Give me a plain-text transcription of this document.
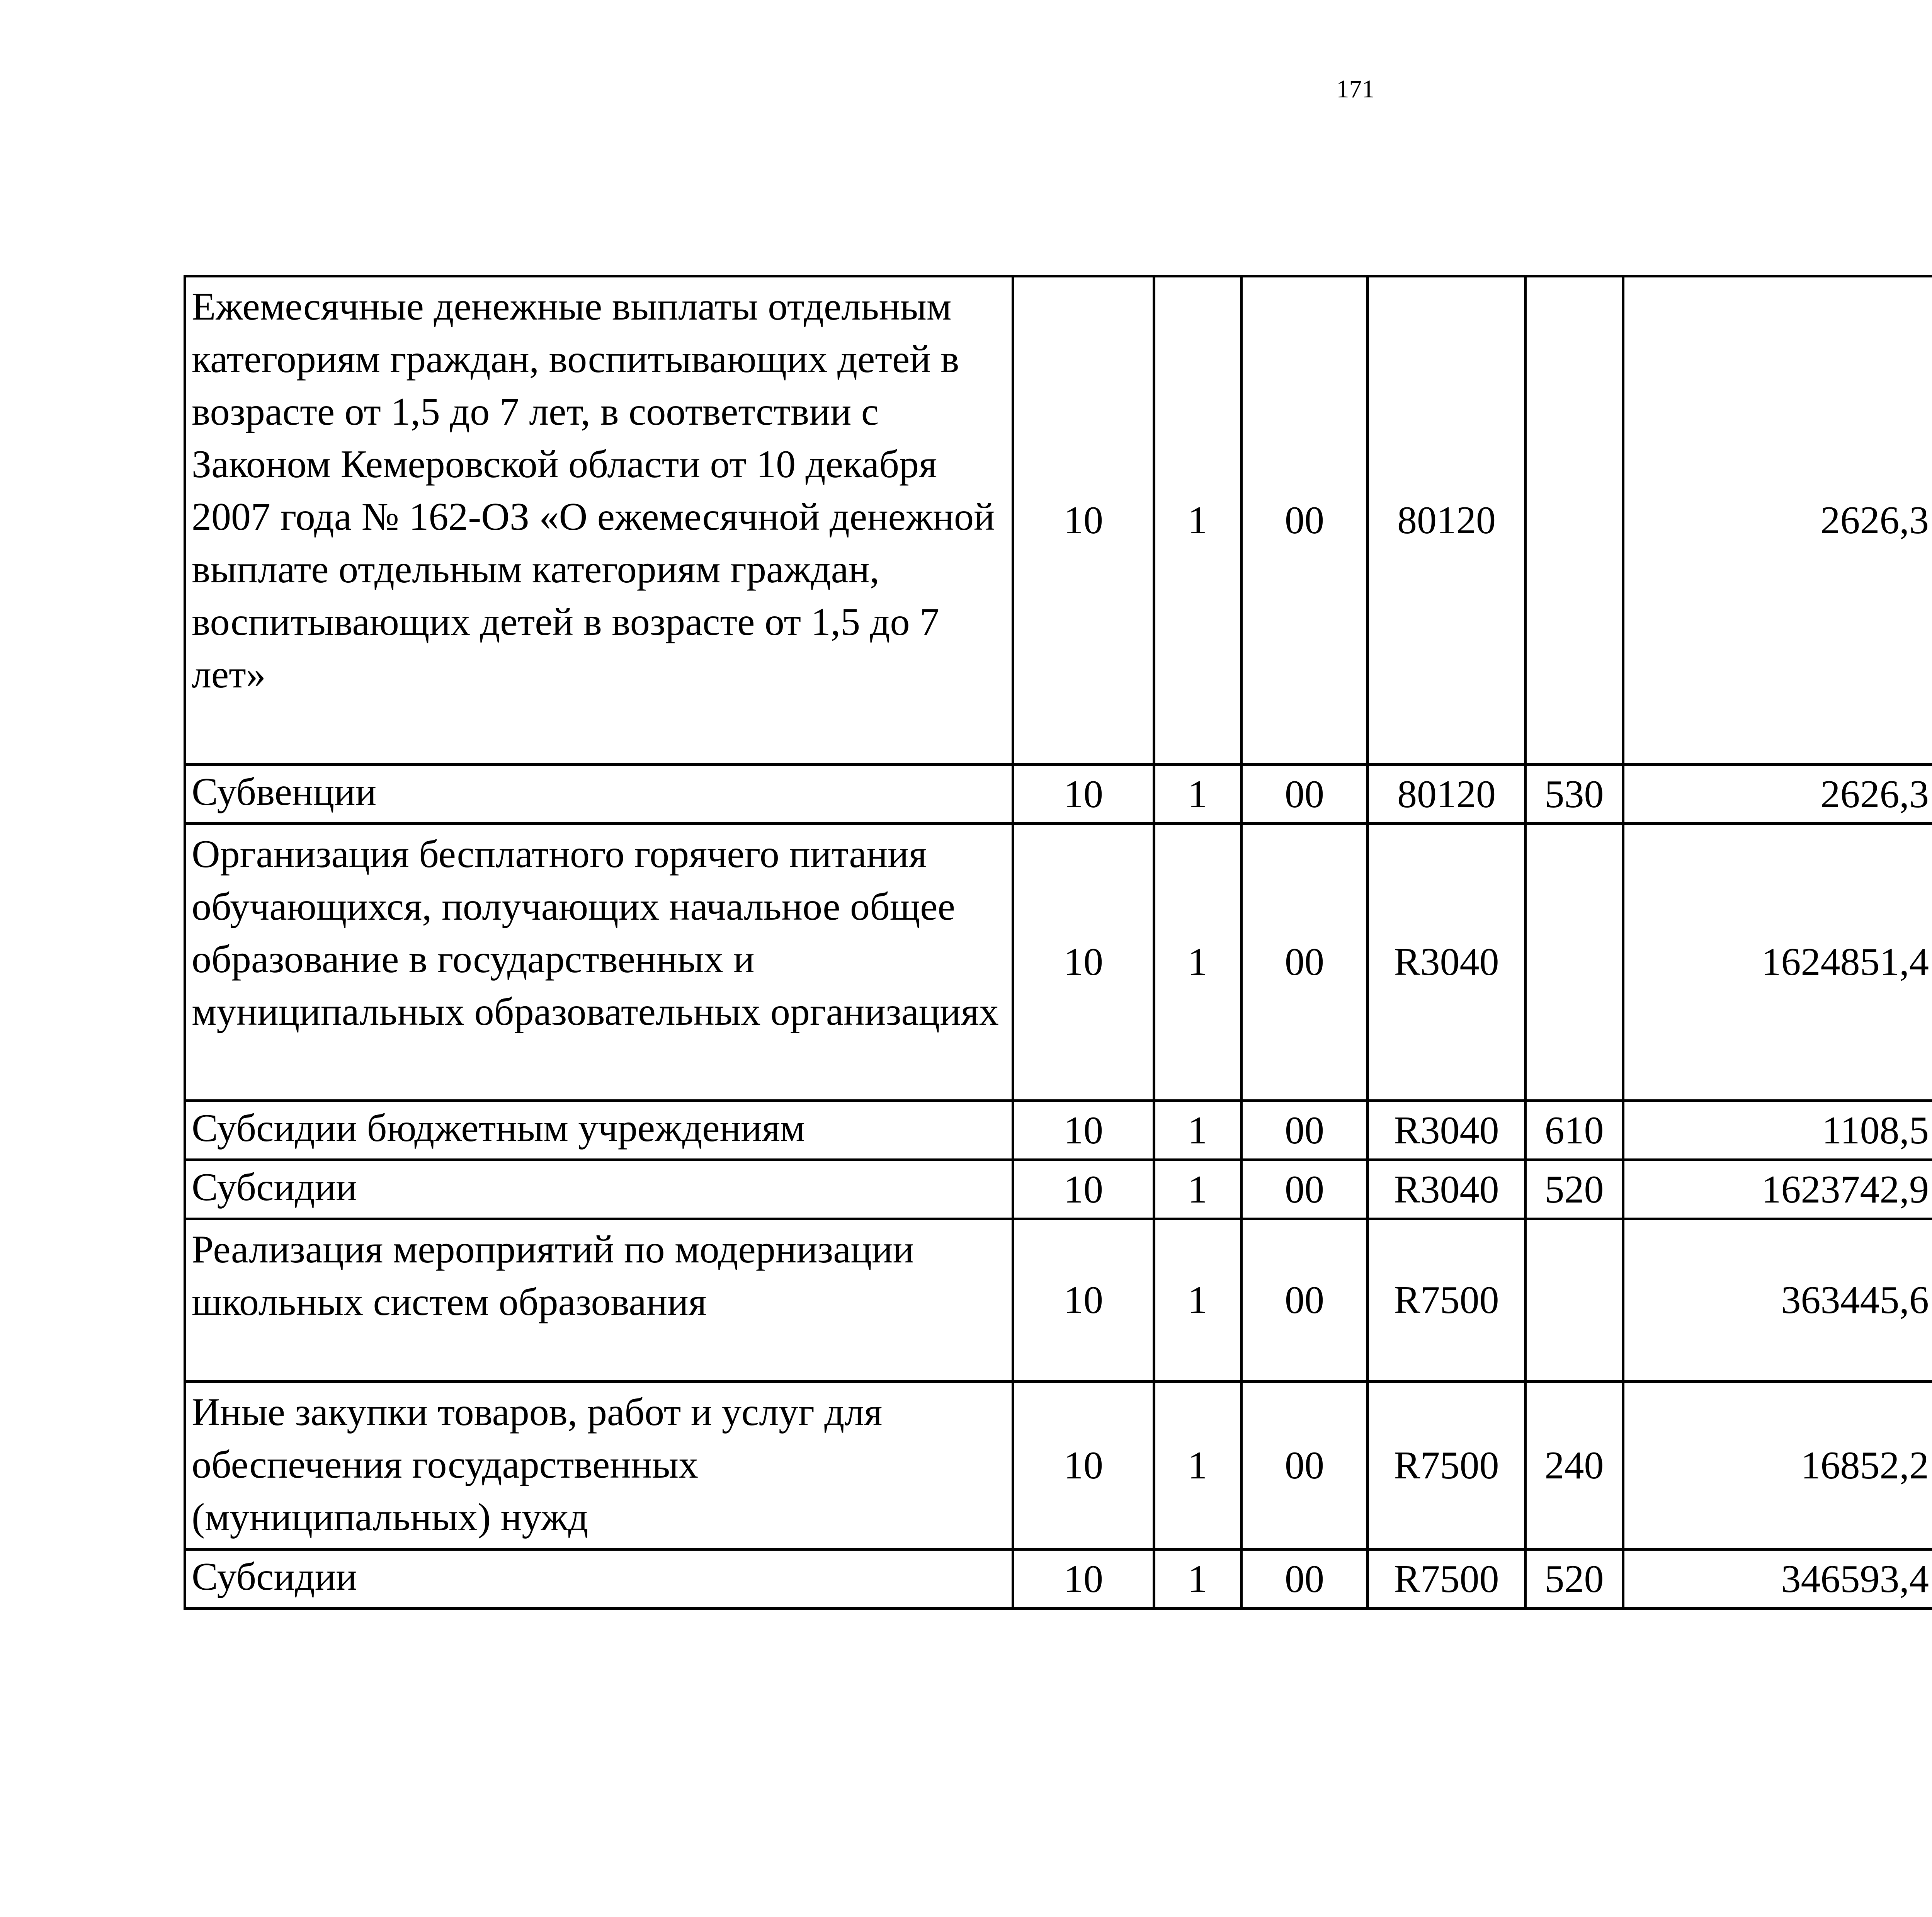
171
Ежемесячные денежные выплаты отдельным категориям граждан, воспитывающих детей в возрасте от 1,5 до 7 лет, в соответствии с Законом Кемеровской области от 10 декабря 2007 года № 162-ОЗ «О ежемесячной денежной выплате отдельным категориям граждан, воспитывающих детей в возрасте от 1,5 до 7 лет»	10	1	00	80120		2626,3		
Субвенции	10	1	00	80120	530	2626,3		
Организация бесплатного горячего питания обучающихся, получающих начальное общее образование в государственных и муниципальных образовательных организациях	10	1	00	R3040		1624851,4		
Субсидии бюджетным учреждениям	10	1	00	R3040	610	1108,5		
Субсидии	10	1	00	R3040	520	1623742,9		
Реализация мероприятий по модернизации школьных систем образования	10	1	00	R7500		363445,6		
Иные закупки товаров, работ и услуг для обеспечения государственных (муниципальных) нужд	10	1	00	R7500	240	16852,2		
Субсидии	10	1	00	R7500	520	346593,4		
